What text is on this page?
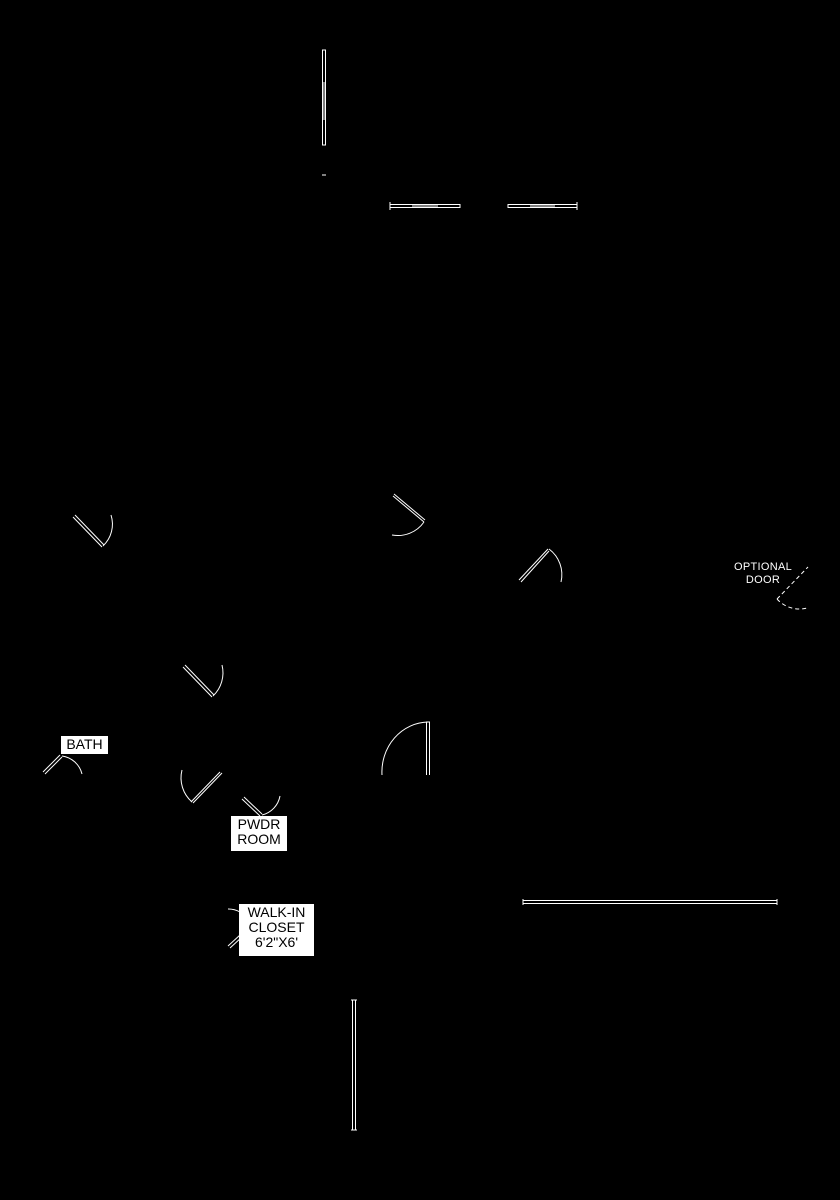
BATH
PWDR
ROOM
WALK-IN
CLOSET
6'2"X6'
OPTIONAL
DOOR
